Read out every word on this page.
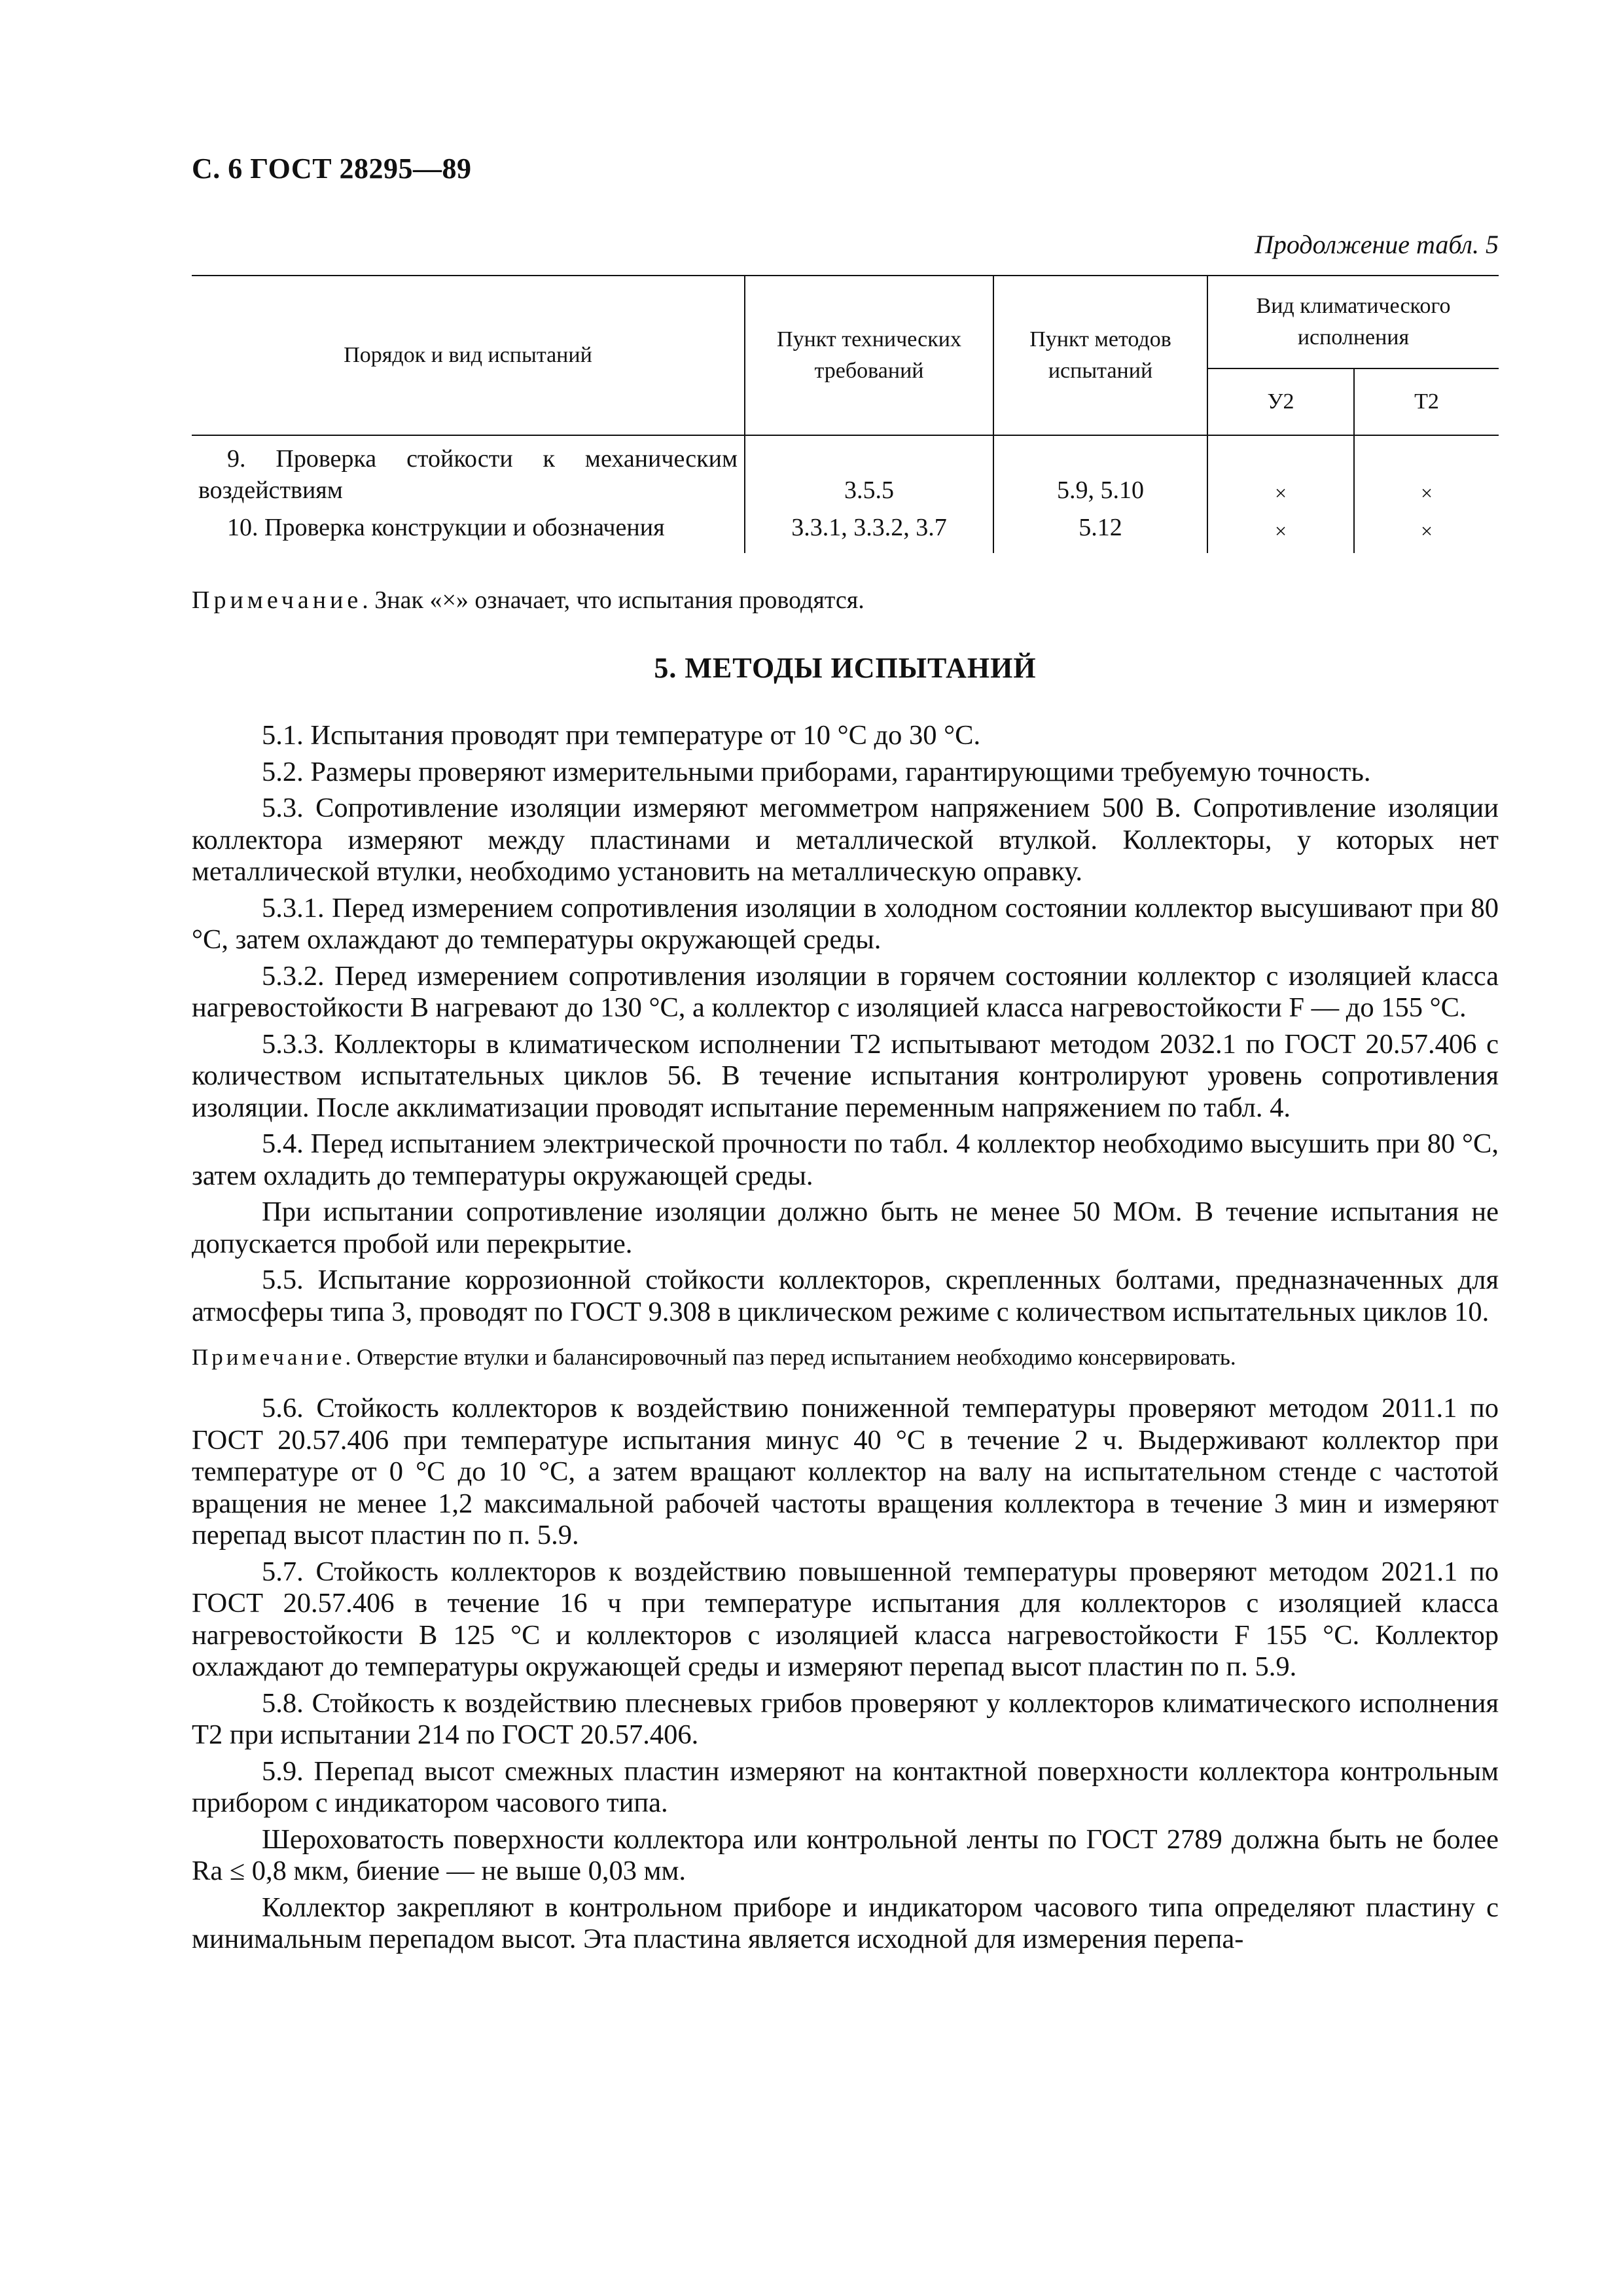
С. 6 ГОСТ 28295—89
Продолжение табл. 5
Порядок и вид испытаний	Пункт технических требований	Пункт методов испытаний	Вид климатического исполнения	
			У2	Т2

9. Проверка стойкости к механическим
воздействиям	3.5.5	5.9, 5.10	×	×

10. Проверка конструкции и обозначения	3.3.1, 3.3.2, 3.7	5.12	×	×
Примечание. Знак «×» означает, что испытания проводятся.
5. МЕТОДЫ ИСПЫТАНИЙ

5.1. Испытания проводят при температуре от 10 °С до 30 °С.

5.2. Размеры проверяют измерительными приборами, гарантирующими требуемую точность.

5.3. Сопротивление изоляции измеряют мегомметром напряжением 500 В. Сопротивление изоляции коллектора измеряют между пластинами и металлической втулкой. Коллекторы, у которых нет металлической втулки, необходимо установить на металлическую оправку.

5.3.1. Перед измерением сопротивления изоляции в холодном состоянии коллектор высушивают при 80 °С, затем охлаждают до температуры окружающей среды.

5.3.2. Перед измерением сопротивления изоляции в горячем состоянии коллектор с изоляцией класса нагревостойкости В нагревают до 130 °С, а коллектор с изоляцией класса нагревостойкости F — до 155 °С.

5.3.3. Коллекторы в климатическом исполнении Т2 испытывают методом 2032.1 по ГОСТ 20.57.406 с количеством испытательных циклов 56. В течение испытания контролируют уровень сопротивления изоляции. После акклиматизации проводят испытание переменным напряжением по табл. 4.

5.4. Перед испытанием электрической прочности по табл. 4 коллектор необходимо высушить при 80 °С, затем охладить до температуры окружающей среды.

При испытании сопротивление изоляции должно быть не менее 50 МОм. В течение испытания не допускается пробой или перекрытие.

5.5. Испытание коррозионной стойкости коллекторов, скрепленных болтами, предназначенных для атмосферы типа 3, проводят по ГОСТ 9.308 в циклическом режиме с количеством испытательных циклов 10.

Примечание. Отверстие втулки и балансировочный паз перед испытанием необходимо консервировать.

5.6. Стойкость коллекторов к воздействию пониженной температуры проверяют методом 2011.1 по ГОСТ 20.57.406 при температуре испытания минус 40 °С в течение 2 ч. Выдерживают коллектор при температуре от 0 °С до 10 °С, а затем вращают коллектор на валу на испытательном стенде с частотой вращения не менее 1,2 максимальной рабочей частоты вращения коллектора в течение 3 мин и измеряют перепад высот пластин по п. 5.9.

5.7. Стойкость коллекторов к воздействию повышенной температуры проверяют методом 2021.1 по ГОСТ 20.57.406 в течение 16 ч при температуре испытания для коллекторов с изоляцией класса нагревостойкости В 125 °С и коллекторов с изоляцией класса нагревостойкости F 155 °С. Коллектор охлаждают до температуры окружающей среды и измеряют перепад высот пластин по п. 5.9.

5.8. Стойкость к воздействию плесневых грибов проверяют у коллекторов климатического исполнения Т2 при испытании 214 по ГОСТ 20.57.406.

5.9. Перепад высот смежных пластин измеряют на контактной поверхности коллектора контрольным прибором с индикатором часового типа.

Шероховатость поверхности коллектора или контрольной ленты по ГОСТ 2789 должна быть не более Ra ≤ 0,8 мкм, биение — не выше 0,03 мм.

Коллектор закрепляют в контрольном приборе и индикатором часового типа определяют пластину с минимальным перепадом высот. Эта пластина является исходной для измерения перепа-
